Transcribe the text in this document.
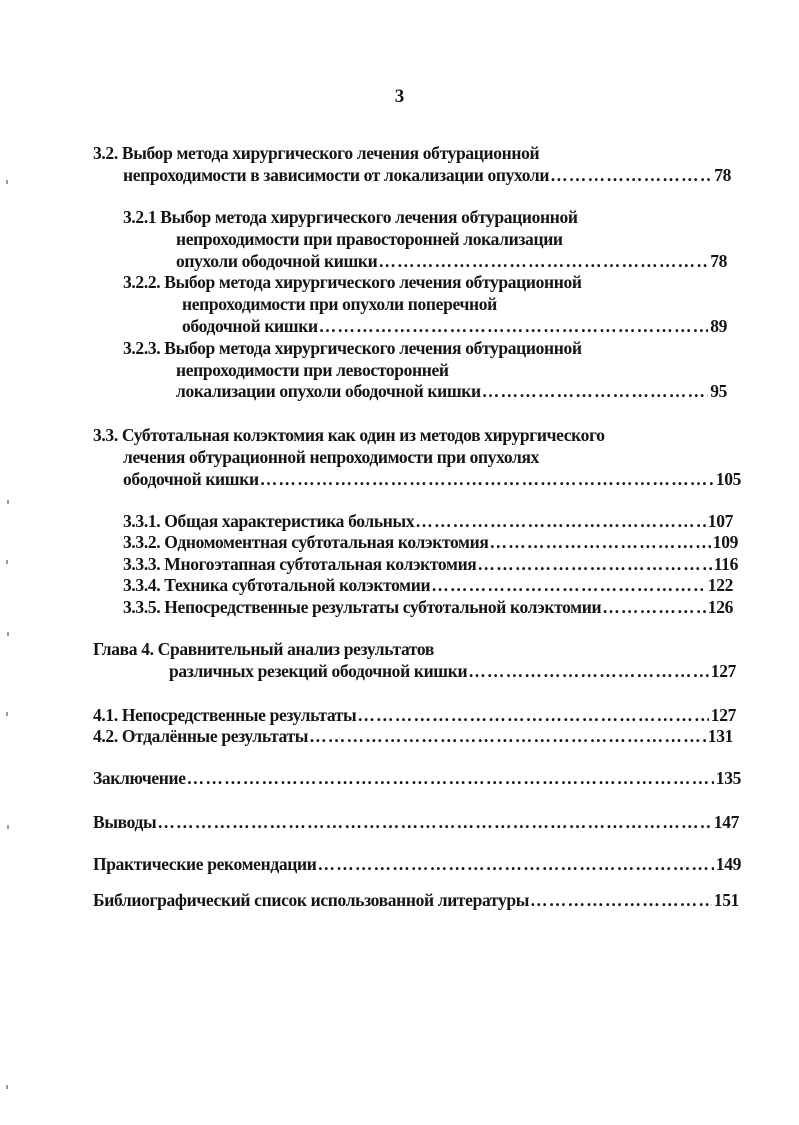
3
3.2. Выбор метода хирургического лечения обтурационной
непроходимости в зависимости от локализации опухоли …………………………………………………………………………………………………………………………………………………	78
3.2.1 Выбор метода хирургического лечения обтурационной
непроходимости при правосторонней локализации
опухоли ободочной кишки …………………………………………………………………………………………………………………………………………………	78
3.2.2. Выбор метода хирургического лечения обтурационной
непроходимости при опухоли поперечной
ободочной кишки …………………………………………………………………………………………………………………………………………………	89
3.2.3. Выбор метода хирургического лечения обтурационной
непроходимости при левосторонней
локализации опухоли ободочной кишки …………………………………………………………………………………………………………………………………………………	95
3.3. Субтотальная колэктомия как один из методов хирургического
лечения обтурационной непроходимости при опухолях
ободочной кишки …………………………………………………………………………………………………………………………………………………	105
3.3.1. Общая характеристика больных …………………………………………………………………………………………………………………………………………………	107
3.3.2. Одномоментная субтотальная колэктомия …………………………………………………………………………………………………………………………………………………	109
3.3.3. Многоэтапная субтотальная колэктомия …………………………………………………………………………………………………………………………………………………	116
3.3.4. Техника субтотальной колэктомии …………………………………………………………………………………………………………………………………………………	122
3.3.5. Непосредственные результаты субтотальной колэктомии …………………………………………………………………………………………………………………………………………………	126
Глава 4. Сравнительный анализ результатов
различных резекций ободочной кишки …………………………………………………………………………………………………………………………………………………	127
4.1. Непосредственные результаты …………………………………………………………………………………………………………………………………………………	127
4.2. Отдалённые результаты …………………………………………………………………………………………………………………………………………………	131
Заключение …………………………………………………………………………………………………………………………………………………	135
Выводы …………………………………………………………………………………………………………………………………………………	147
Практические рекомендации …………………………………………………………………………………………………………………………………………………	149
Библиографический список использованной литературы …………………………………………………………………………………………………………………………………………………	151
